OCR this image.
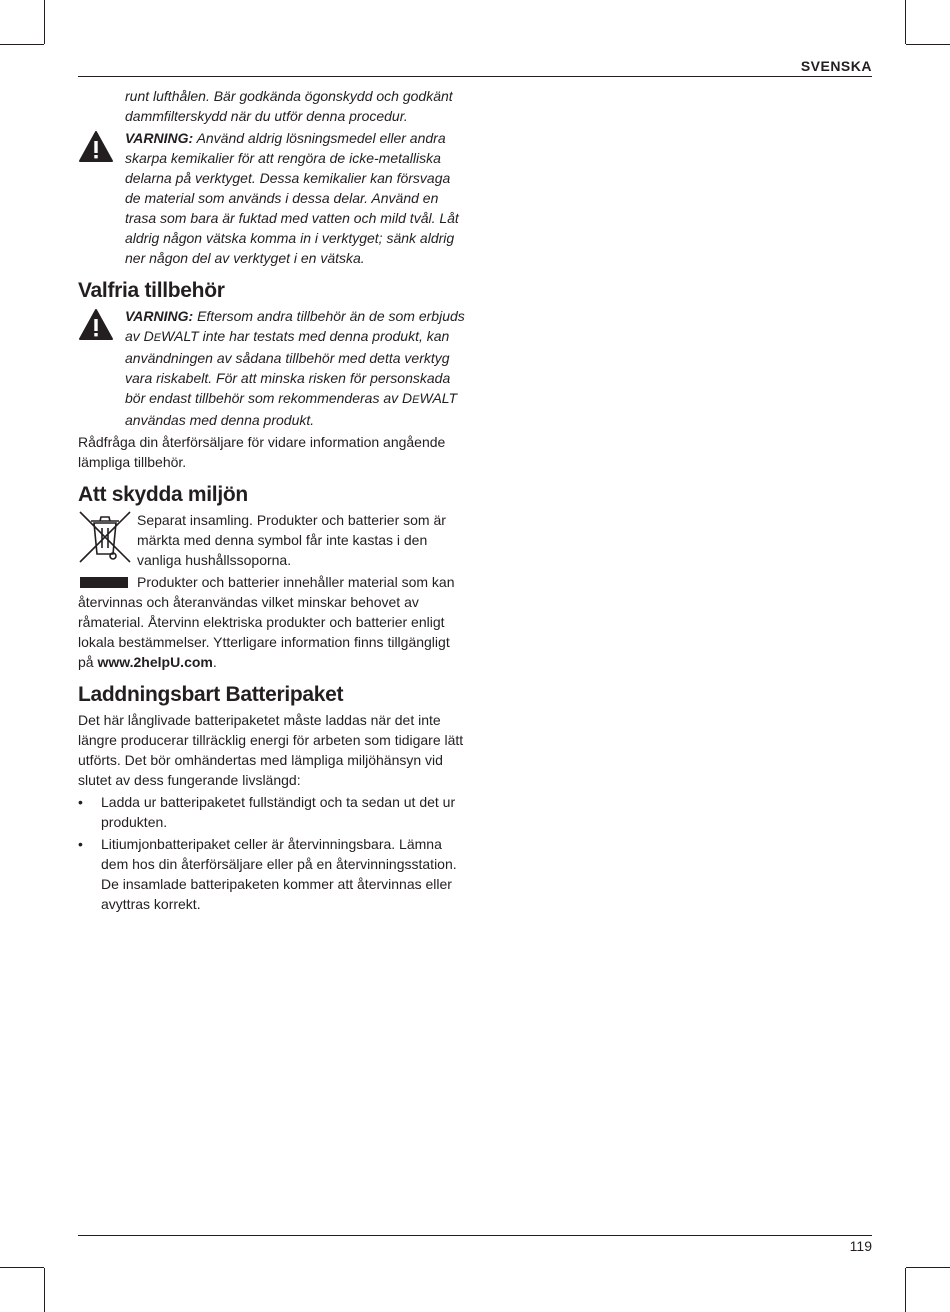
SVENSKA

runt lufthålen. Bär godkända ögonskydd och godkänt dammfilterskydd när du utför denna procedur.

VARNING: Använd aldrig lösningsmedel eller andra skarpa kemikalier för att rengöra de icke-metalliska delarna på verktyget. Dessa kemikalier kan försvaga de material som används i dessa delar. Använd en trasa som bara är fuktad med vatten och mild tvål. Låt aldrig någon vätska komma in i verktyget; sänk aldrig ner någon del av verktyget i en vätska.

Valfria tillbehör

VARNING: Eftersom andra tillbehör än de som erbjuds av DEWALT inte har testats med denna produkt, kan användningen av sådana tillbehör med detta verktyg vara riskabelt. För att minska risken för personskada bör endast tillbehör som rekommenderas av DEWALT användas med denna produkt.

Rådfråga din återförsäljare för vidare information angående lämpliga tillbehör.

Att skydda miljön

Separat insamling. Produkter och batterier som är märkta med denna symbol får inte kastas i den vanliga hushållssoporna.

Produkter och batterier innehåller material som kan återvinnas och återanvändas vilket minskar behovet av råmaterial. Återvinn elektriska produkter och batterier enligt lokala bestämmelser. Ytterligare information finns tillgängligt på www.2helpU.com.

Laddningsbart Batteripaket

Det här långlivade batteripaketet måste laddas när det inte längre producerar tillräcklig energi för arbeten som tidigare lätt utförts. Det bör omhändertas med lämpliga miljöhänsyn vid slutet av dess fungerande livslängd:

• Ladda ur batteripaketet fullständigt och ta sedan ut det ur produkten.
• Litiumjonbatteripaket celler är återvinningsbara. Lämna dem hos din återförsäljare eller på en återvinningsstation. De insamlade batteripaketen kommer att återvinnas eller avyttras korrekt.
119
